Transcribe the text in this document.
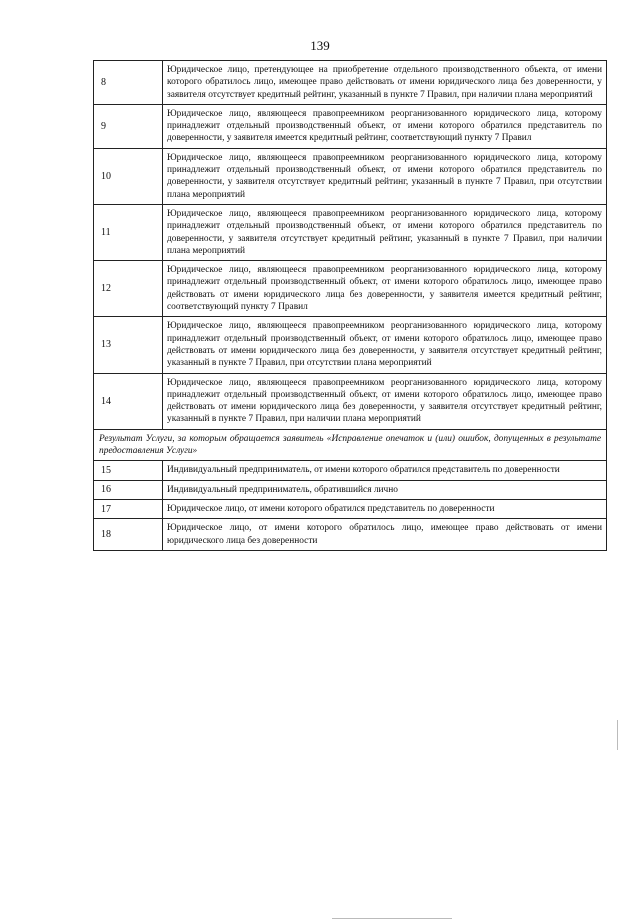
139
8	Юридическое лицо, претендующее на приобретение отдельного производственного объекта, от имени которого обратилось лицо, имеющее право действовать от имени юридического лица без доверенности, у заявителя отсутствует кредитный рейтинг, указанный в пункте 7 Правил, при наличии плана мероприятий
9	Юридическое лицо, являющееся правопреемником реорганизованного юридического лица, которому принадлежит отдельный производственный объект, от имени которого обратился представитель по доверенности, у заявителя имеется кредитный рейтинг, соответствующий пункту 7 Правил
10	Юридическое лицо, являющееся правопреемником реорганизованного юридического лица, которому принадлежит отдельный производственный объект, от имени которого обратился представитель по доверенности, у заявителя отсутствует кредитный рейтинг, указанный в пункте 7 Правил, при отсутствии плана мероприятий
11	Юридическое лицо, являющееся правопреемником реорганизованного юридического лица, которому принадлежит отдельный производственный объект, от имени которого обратился представитель по доверенности, у заявителя отсутствует кредитный рейтинг, указанный в пункте 7 Правил, при наличии плана мероприятий
12	Юридическое лицо, являющееся правопреемником реорганизованного юридического лица, которому принадлежит отдельный производственный объект, от имени которого обратилось лицо, имеющее право действовать от имени юридического лица без доверенности, у заявителя имеется кредитный рейтинг, соответствующий пункту 7 Правил
13	Юридическое лицо, являющееся правопреемником реорганизованного юридического лица, которому принадлежит отдельный производственный объект, от имени которого обратилось лицо, имеющее право действовать от имени юридического лица без доверенности, у заявителя отсутствует кредитный рейтинг, указанный в пункте 7 Правил, при отсутствии плана мероприятий
14	Юридическое лицо, являющееся правопреемником реорганизованного юридического лица, которому принадлежит отдельный производственный объект, от имени которого обратилось лицо, имеющее право действовать от имени юридического лица без доверенности, у заявителя отсутствует кредитный рейтинг, указанный в пункте 7 Правил, при наличии плана мероприятий
Результат Услуги, за которым обращается заявитель «Исправление опечаток и (или) ошибок, допущенных в результате предоставления Услуги»	
15	Индивидуальный предприниматель, от имени которого обратился представитель по доверенности
16	Индивидуальный предприниматель, обратившийся лично
17	Юридическое лицо, от имени которого обратился представитель по доверенности
18	Юридическое лицо, от имени которого обратилось лицо, имеющее право действовать от имени юридического лица без доверенности
